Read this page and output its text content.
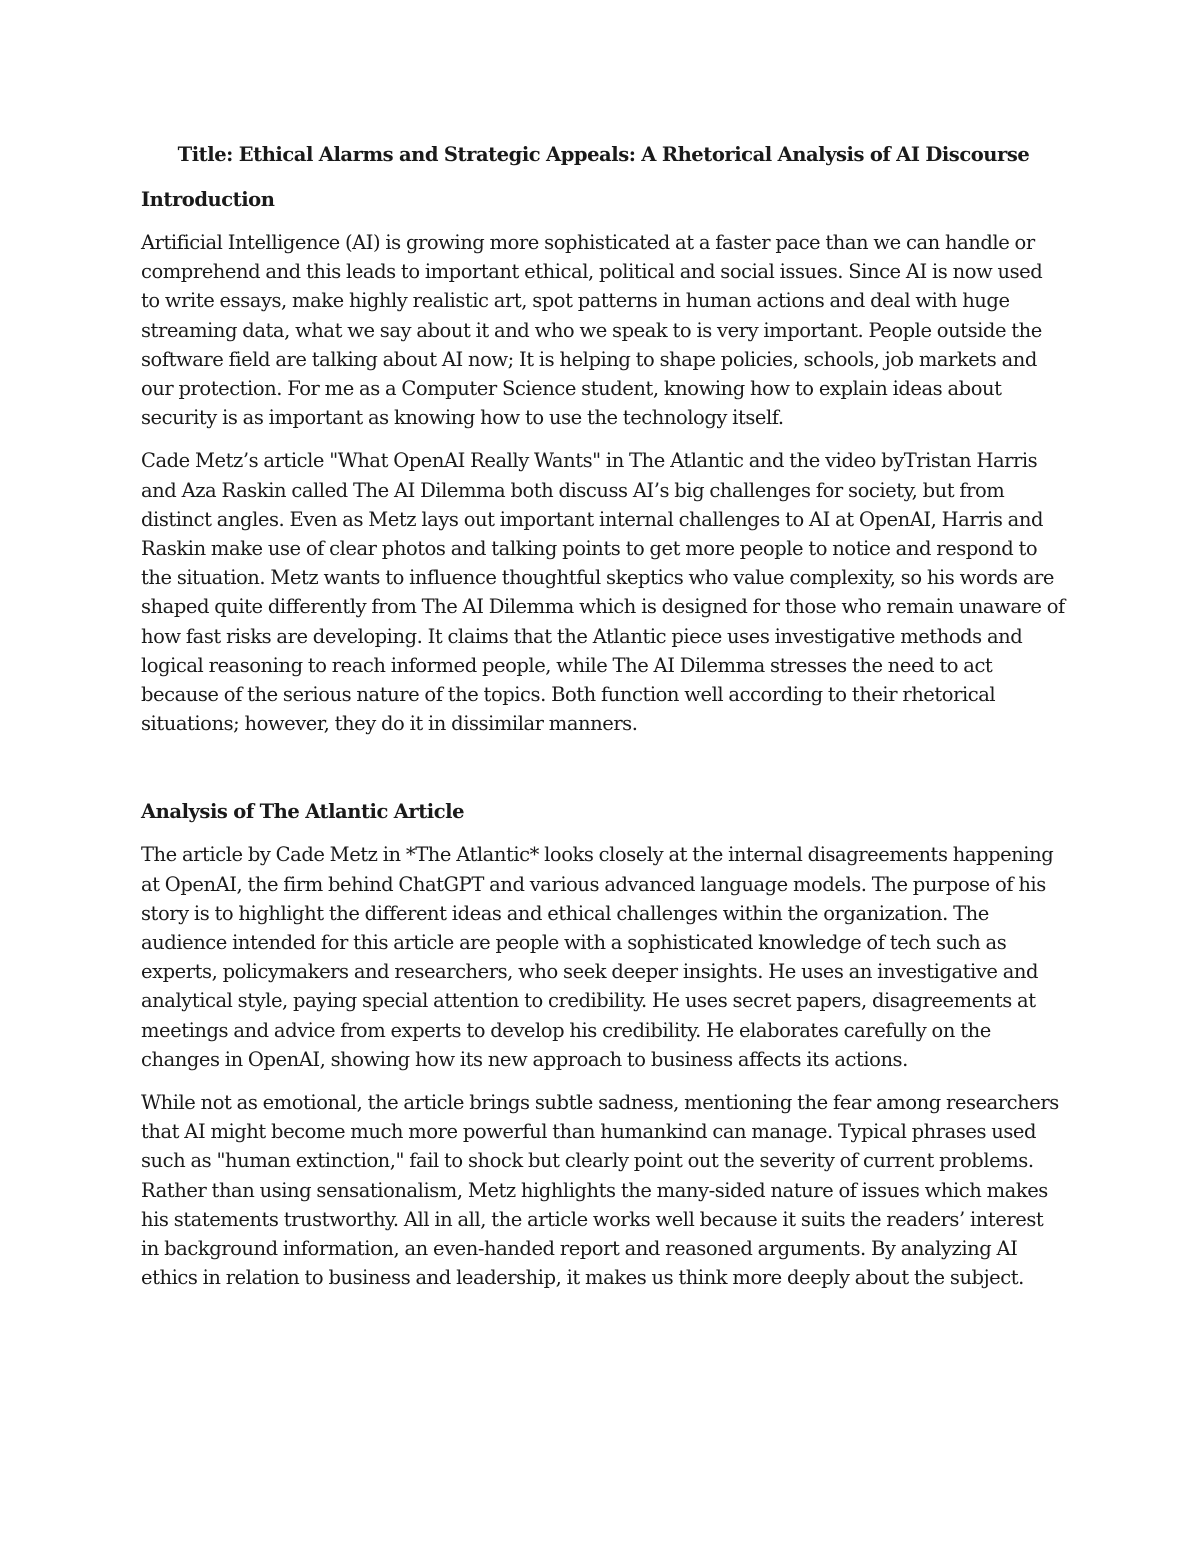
Title: Ethical Alarms and Strategic Appeals: A Rhetorical Analysis of AI Discourse

Introduction

Artificial Intelligence (AI) is growing more sophisticated at a faster pace than we can handle or comprehend and this leads to important ethical, political and social issues. Since AI is now used to write essays, make highly realistic art, spot patterns in human actions and deal with huge streaming data, what we say about it and who we speak to is very important. People outside the software field are talking about AI now; It is helping to shape policies, schools, job markets and our protection. For me as a Computer Science student, knowing how to explain ideas about security is as important as knowing how to use the technology itself.

Cade Metz’s article "What OpenAI Really Wants" in The Atlantic and the video byTristan Harris and Aza Raskin called The AI Dilemma both discuss AI’s big challenges for society, but from distinct angles. Even as Metz lays out important internal challenges to AI at OpenAI, Harris and Raskin make use of clear photos and talking points to get more people to notice and respond to the situation. Metz wants to influence thoughtful skeptics who value complexity, so his words are shaped quite differently from The AI Dilemma which is designed for those who remain unaware of how fast risks are developing. It claims that the Atlantic piece uses investigative methods and logical reasoning to reach informed people, while The AI Dilemma stresses the need to act because of the serious nature of the topics. Both function well according to their rhetorical situations; however, they do it in dissimilar manners.

Analysis of The Atlantic Article

The article by Cade Metz in *The Atlantic* looks closely at the internal disagreements happening at OpenAI, the firm behind ChatGPT and various advanced language models. The purpose of his story is to highlight the different ideas and ethical challenges within the organization. The audience intended for this article are people with a sophisticated knowledge of tech such as experts, policymakers and researchers, who seek deeper insights. He uses an investigative and analytical style, paying special attention to credibility. He uses secret papers, disagreements at meetings and advice from experts to develop his credibility. He elaborates carefully on the changes in OpenAI, showing how its new approach to business affects its actions.

While not as emotional, the article brings subtle sadness, mentioning the fear among researchers that AI might become much more powerful than humankind can manage. Typical phrases used such as "human extinction," fail to shock but clearly point out the severity of current problems. Rather than using sensationalism, Metz highlights the many-sided nature of issues which makes his statements trustworthy. All in all, the article works well because it suits the readers’ interest in background information, an even-handed report and reasoned arguments. By analyzing AI ethics in relation to business and leadership, it makes us think more deeply about the subject.
